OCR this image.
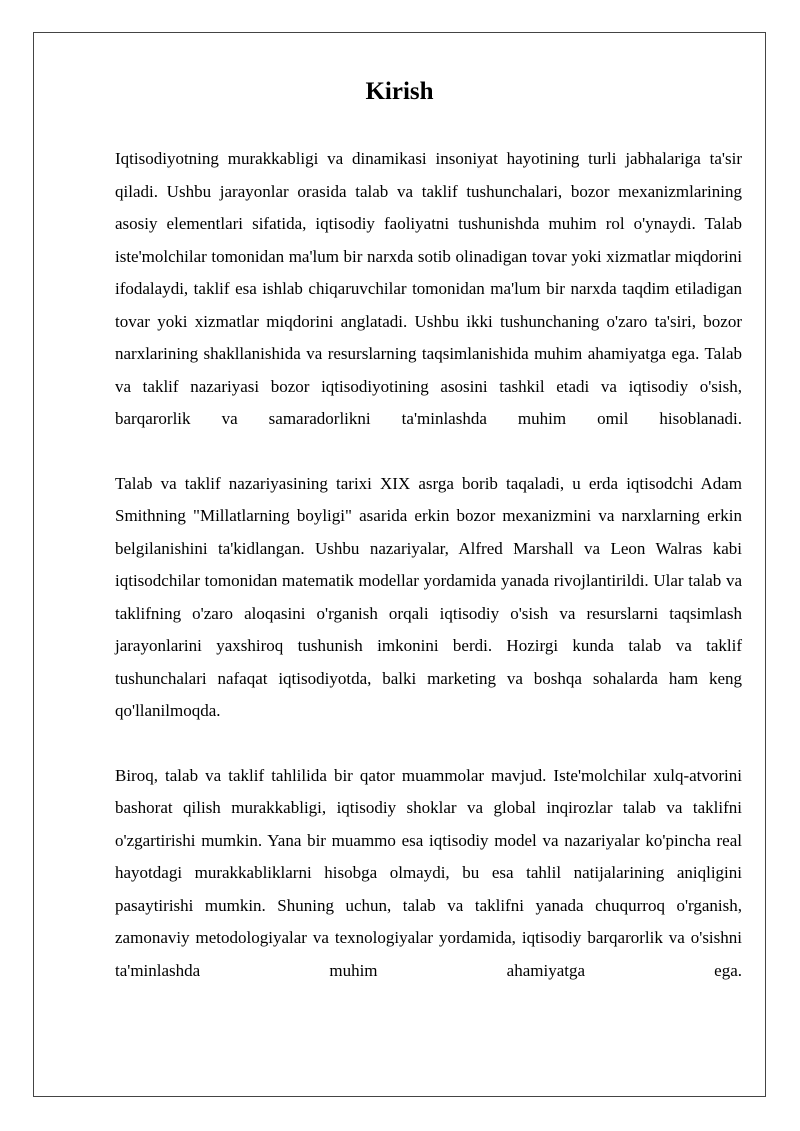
Kirish

Iqtisodiyotning murakkabligi va dinamikasi insoniyat hayotining turli jabhalariga ta'sir qiladi. Ushbu jarayonlar orasida talab va taklif tushunchalari, bozor mexanizmlarining asosiy elementlari sifatida, iqtisodiy faoliyatni tushunishda muhim rol o'ynaydi. Talab iste'molchilar tomonidan ma'lum bir narxda sotib olinadigan tovar yoki xizmatlar miqdorini ifodalaydi, taklif esa ishlab chiqaruvchilar tomonidan ma'lum bir narxda taqdim etiladigan tovar yoki xizmatlar miqdorini anglatadi. Ushbu ikki tushunchaning o'zaro ta'siri, bozor narxlarining shakllanishida va resurslarning taqsimlanishida muhim ahamiyatga ega. Talab va taklif nazariyasi bozor iqtisodiyotining asosini tashkil etadi va iqtisodiy o'sish, barqarorlik va samaradorlikni ta'minlashda muhim omil hisoblanadi.

Talab va taklif nazariyasining tarixi XIX asrga borib taqaladi, u erda iqtisodchi Adam Smithning "Millatlarning boyligi" asarida erkin bozor mexanizmini va narxlarning erkin belgilanishini ta'kidlangan. Ushbu nazariyalar, Alfred Marshall va Leon Walras kabi iqtisodchilar tomonidan matematik modellar yordamida yanada rivojlantirildi. Ular talab va taklifning o'zaro aloqasini o'rganish orqali iqtisodiy o'sish va resurslarni taqsimlash jarayonlarini yaxshiroq tushunish imkonini berdi. Hozirgi kunda talab va taklif tushunchalari nafaqat iqtisodiyotda, balki marketing va boshqa sohalarda ham keng qo'llanilmoqda.

Biroq, talab va taklif tahlilida bir qator muammolar mavjud. Iste'molchilar xulq-atvorini bashorat qilish murakkabligi, iqtisodiy shoklar va global inqirozlar talab va taklifni o'zgartirishi mumkin. Yana bir muammo esa iqtisodiy model va nazariyalar ko'pincha real hayotdagi murakkabliklarni hisobga olmaydi, bu esa tahlil natijalarining aniqligini pasaytirishi mumkin. Shuning uchun, talab va taklifni yanada chuqurroq o'rganish, zamonaviy metodologiyalar va texnologiyalar yordamida, iqtisodiy barqarorlik va o'sishni ta'minlashda muhim ahamiyatga ega.
